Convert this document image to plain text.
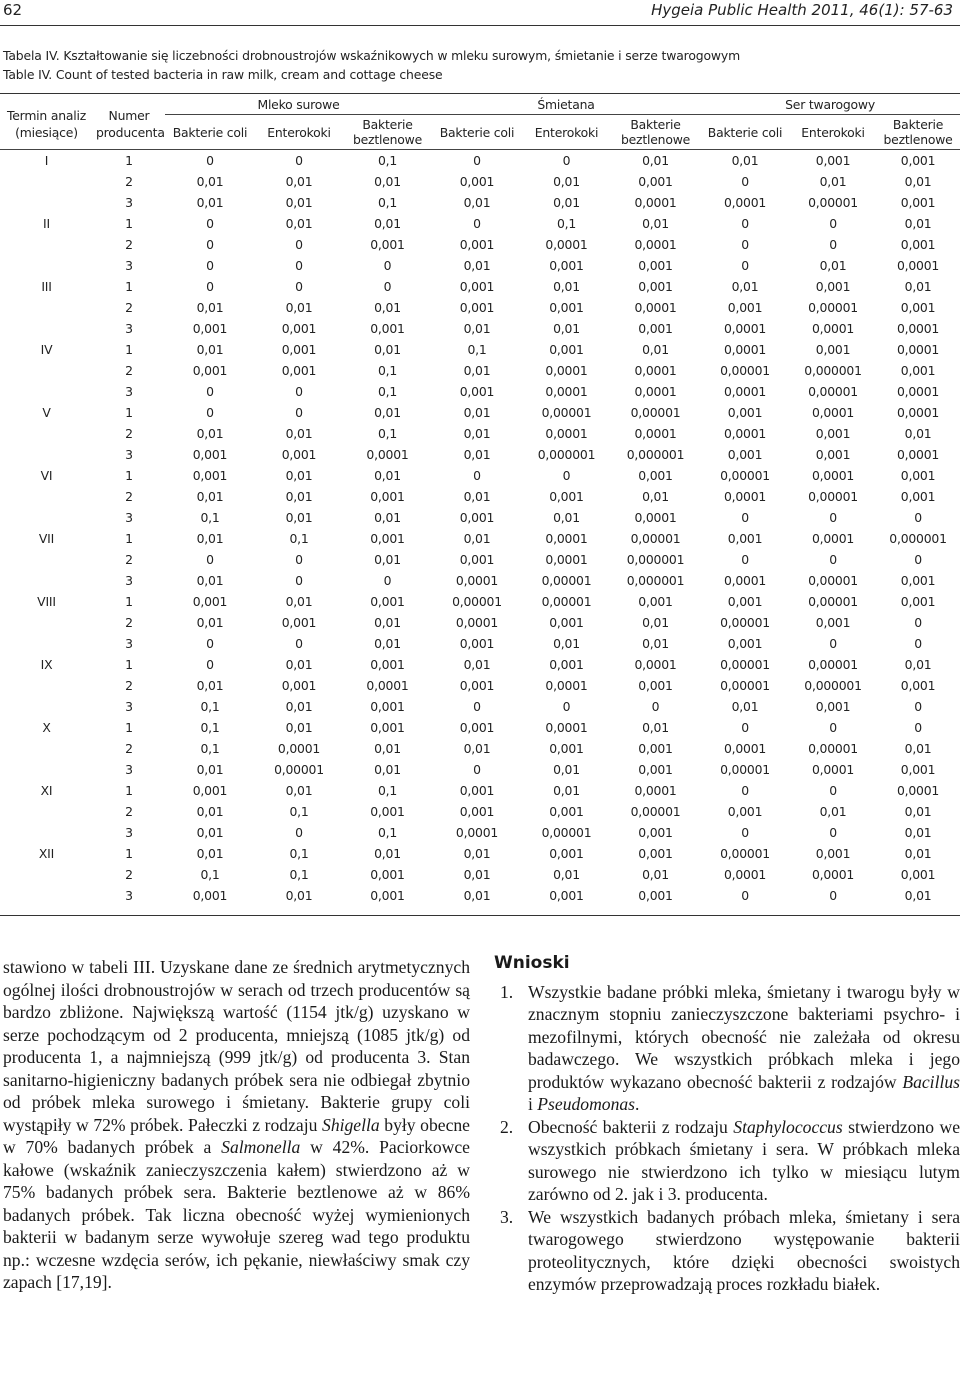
62	Hygeia Public Health 2011, 46(1): 57-63
Tabela IV. Kształtowanie się liczebności drobnoustrojów wskaźnikowych w mleku surowym, śmietanie i serze twarogowym
Table IV. Count of tested bacteria in raw milk, cream and cottage cheese
Termin analiz (miesiące)	Numer producenta	Mleko surowe			Śmietana			Ser twarogowy		
		Bakterie coli	Enterokoki	Bakterie beztlenowe	Bakterie coli	Enterokoki	Bakterie beztlenowe	Bakterie coli	Enterokoki	Bakterie beztlenowe

I	1	0	0	0,1	0	0	0,01	0,01	0,001	0,001
	2	0,01	0,01	0,01	0,001	0,01	0,001	0	0,01	0,01
	3	0,01	0,01	0,1	0,01	0,01	0,0001	0,0001	0,00001	0,001
II	1	0	0,01	0,01	0	0,1	0,01	0	0	0,01
	2	0	0	0,001	0,001	0,0001	0,0001	0	0	0,001
	3	0	0	0	0,01	0,001	0,001	0	0,01	0,0001
III	1	0	0	0	0,001	0,01	0,001	0,01	0,001	0,01
	2	0,01	0,01	0,01	0,001	0,001	0,0001	0,001	0,00001	0,001
	3	0,001	0,001	0,001	0,01	0,01	0,001	0,0001	0,0001	0,0001
IV	1	0,01	0,001	0,01	0,1	0,001	0,01	0,0001	0,001	0,0001
	2	0,001	0,001	0,1	0,01	0,0001	0,0001	0,00001	0,000001	0,001
	3	0	0	0,1	0,001	0,0001	0,0001	0,0001	0,00001	0,0001
V	1	0	0	0,01	0,01	0,00001	0,00001	0,001	0,0001	0,0001
	2	0,01	0,01	0,1	0,01	0,0001	0,0001	0,0001	0,001	0,01
	3	0,001	0,001	0,0001	0,01	0,000001	0,000001	0,001	0,001	0,0001
VI	1	0,001	0,01	0,01	0	0	0,001	0,00001	0,0001	0,001
	2	0,01	0,01	0,001	0,01	0,001	0,01	0,0001	0,00001	0,001
	3	0,1	0,01	0,01	0,001	0,01	0,0001	0	0	0
VII	1	0,01	0,1	0,001	0,01	0,0001	0,00001	0,001	0,0001	0,000001
	2	0	0	0,01	0,001	0,0001	0,000001	0	0	0
	3	0,01	0	0	0,0001	0,00001	0,000001	0,0001	0,00001	0,001
VIII	1	0,001	0,01	0,001	0,00001	0,00001	0,001	0,001	0,00001	0,001
	2	0,01	0,001	0,01	0,0001	0,001	0,01	0,00001	0,001	0
	3	0	0	0,01	0,001	0,01	0,01	0,001	0	0
IX	1	0	0,01	0,001	0,01	0,001	0,0001	0,00001	0,00001	0,01
	2	0,01	0,001	0,0001	0,001	0,0001	0,001	0,00001	0,000001	0,001
	3	0,1	0,01	0,001	0	0	0	0,01	0,001	0
X	1	0,1	0,01	0,001	0,001	0,0001	0,01	0	0	0
	2	0,1	0,0001	0,01	0,01	0,001	0,001	0,0001	0,00001	0,01
	3	0,01	0,00001	0,01	0	0,01	0,001	0,00001	0,0001	0,001
XI	1	0,001	0,01	0,1	0,001	0,01	0,0001	0	0	0,0001
	2	0,01	0,1	0,001	0,001	0,001	0,00001	0,001	0,01	0,01
	3	0,01	0	0,1	0,0001	0,00001	0,001	0	0	0,01
XII	1	0,01	0,1	0,01	0,01	0,001	0,001	0,00001	0,001	0,01
	2	0,1	0,1	0,001	0,01	0,01	0,01	0,0001	0,0001	0,001
	3	0,001	0,01	0,001	0,01	0,001	0,001	0	0	0,01

stawiono w tabeli III. Uzyskane dane ze średnich arytmetycznych ogólnej ilości drobnoustrojów w serach od trzech producentów są bardzo zbliżone. Największą wartość (1154 jtk/g) uzyskano w serze pochodzącym od 2 producenta, mniejszą (1085 jtk/g) od producenta 1, a najmniejszą (999 jtk/g) od producenta 3. Stan sanitarno-higieniczny badanych próbek sera nie odbiegał zbytnio od próbek mleka surowego i śmietany. Bakterie grupy coli wystąpiły w 72% próbek. Pałeczki z rodzaju Shigella były obecne w 70% badanych próbek a Salmonella w 42%. Paciorkowce kałowe (wskaźnik zanieczyszczenia kałem) stwierdzono aż w 75% badanych próbek sera. Bakterie beztlenowe aż w 86% badanych próbek. Tak liczna obecność wyżej wymienionych bakterii w badanym serze wywołuje szereg wad tego produktu np.: wczesne wzdęcia serów, ich pękanie, niewłaściwy smak czy zapach [17,19].

Wnioski
1. Wszystkie badane próbki mleka, śmietany i twarogu były w znacznym stopniu zanieczyszczone bakteriami psychro- i mezofilnymi, których obecność nie zależała od okresu badawczego. We wszystkich próbkach mleka i jego produktów wykazano obecność bakterii z rodzajów Bacillus i Pseudomonas.
2. Obecność bakterii z rodzaju Staphylococcus stwierdzono we wszystkich próbkach śmietany i sera. W próbkach mleka surowego nie stwierdzono ich tylko w miesiącu lutym zarówno od 2. jak i 3. producenta.
3. We wszystkich badanych próbach mleka, śmietany i sera twarogowego stwierdzono występowanie bakterii proteolitycznych, które dzięki obecności swoistych enzymów przeprowadzają proces rozkładu białek.
